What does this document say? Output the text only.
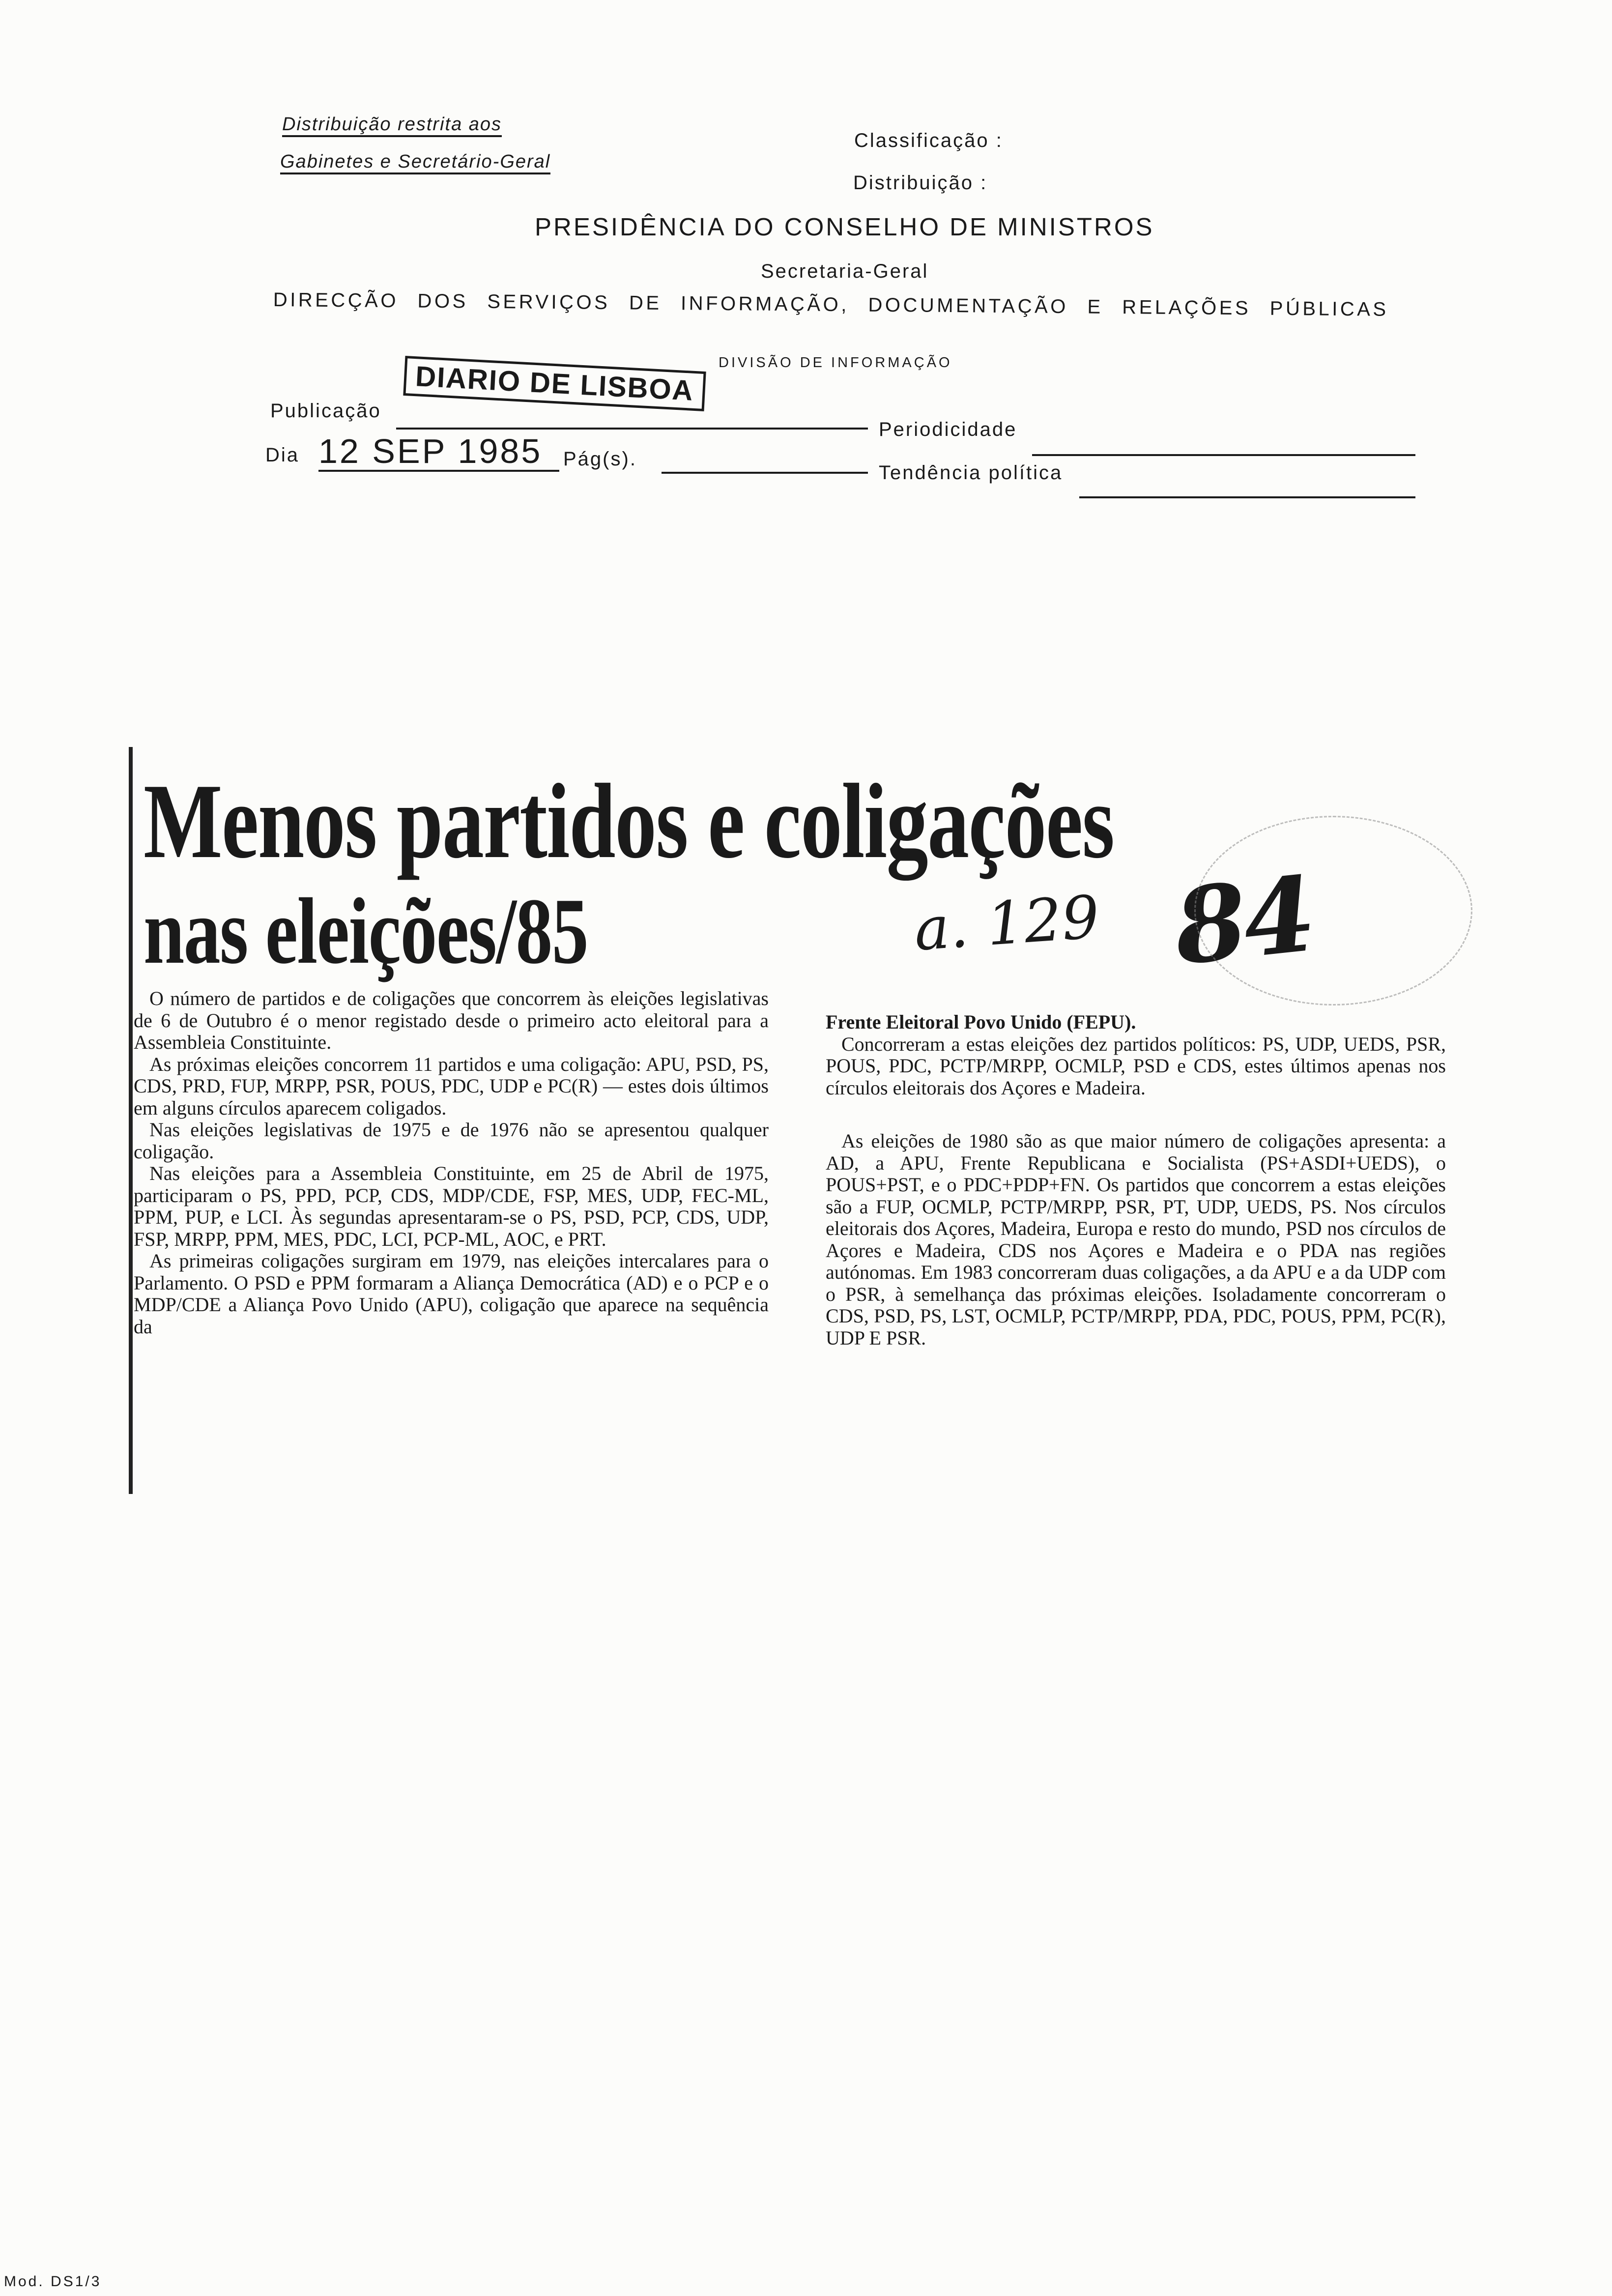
Distribuição restrita aos
Gabinetes e Secretário-Geral
Classificação :
Distribuição :
PRESIDÊNCIA DO CONSELHO DE MINISTROS
Secretaria-Geral
DIRECÇÃO DOS SERVIÇOS DE INFORMAÇÃO, DOCUMENTAÇÃO E RELAÇÕES PÚBLICAS
DIVISÃO DE INFORMAÇÃO
Publicação
DIARIO DE LISBOA
Periodicidade
Dia 12 SEP 1985	Pág(s).
Tendência política
Menos partidos e coligações
nas eleições/85	a. 129 84

O número de partidos e de coligações que concorrem às eleições legislativas de 6 de Outubro é o menor registado desde o primeiro acto eleitoral para a Assembleia Constituinte.

As próximas eleições concorrem 11 partidos e uma coligação: APU, PSD, PS, CDS, PRD, FUP, MRPP, PSR, POUS, PDC, UDP e PC(R) — estes dois últimos em alguns círculos aparecem coligados.

Nas eleições legislativas de 1975 e de 1976 não se apresentou qualquer coligação.

Nas eleições para a Assembleia Constituinte, em 25 de Abril de 1975, participaram o PS, PPD, PCP, CDS, MDP/CDE, FSP, MES, UDP, FEC-ML, PPM, PUP, e LCI. Às segundas apresentaram-se o PS, PSD, PCP, CDS, UDP, FSP, MRPP, PPM, MES, PDC, LCI, PCP-ML, AOC, e PRT.

As primeiras coligações surgiram em 1979, nas eleições intercalares para o Parlamento. O PSD e PPM formaram a Aliança Democrática (AD) e o PCP e o MDP/CDE a Aliança Povo Unido (APU), coligação que aparece na sequência da

Frente Eleitoral Povo Unido (FEPU).

Concorreram a estas eleições dez partidos políticos: PS, UDP, UEDS, PSR, POUS, PDC, PCTP/MRPP, OCMLP, PSD e CDS, estes últimos apenas nos círculos eleitorais dos Açores e Madeira.

As eleições de 1980 são as que maior número de coligações apresenta: a AD, a APU, Frente Republicana e Socialista (PS+ASDI+UEDS), o POUS+PST, e o PDC+PDP+FN. Os partidos que concorrem a estas eleições são a FUP, OCMLP, PCTP/MRPP, PSR, PT, UDP, UEDS, PS. Nos círculos eleitorais dos Açores, Madeira, Europa e resto do mundo, PSD nos círculos de Açores e Madeira, CDS nos Açores e Madeira e o PDA nas regiões autónomas. Em 1983 concorreram duas coligações, a da APU e a da UDP com o PSR, à semelhança das próximas eleições. Isoladamente concorreram o CDS, PSD, PS, LST, OCMLP, PCTP/MRPP, PDA, PDC, POUS, PPM, PC(R), UDP E PSR.

Mod. DS1/3
